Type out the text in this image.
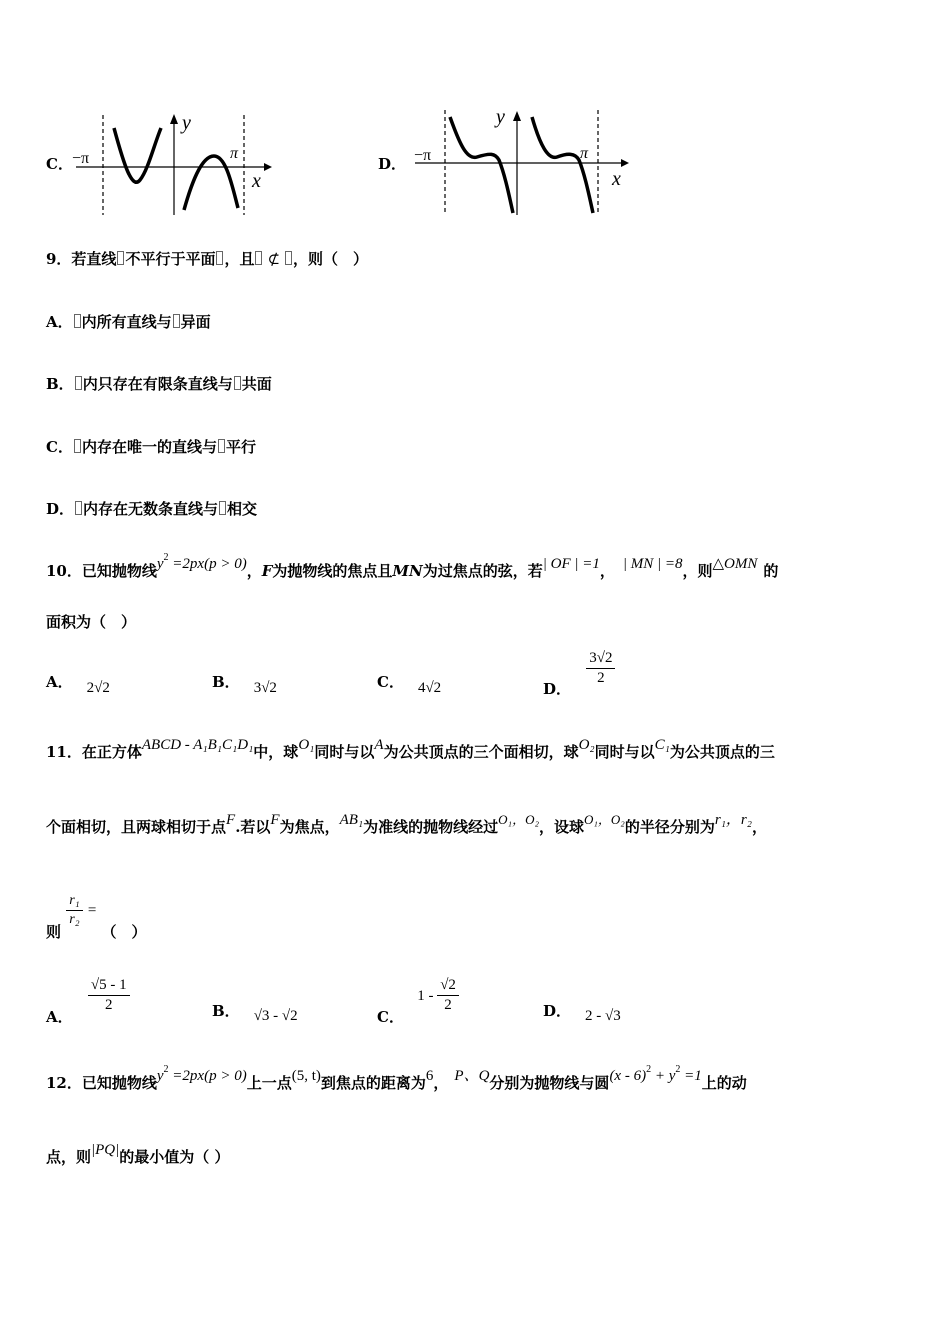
C． −π	π
x
y
D． −π	π
x
y
9．若直线 不平行于平面 ，且 ⊄ ，则（　）
A． 内所有直线与 异面
B． 内只存在有限条直线与 共面
C． 内存在唯一的直线与 平行
D． 内存在无数条直线与 相交
10．已知抛物线$y^2 =2px(p > 0)$，F为抛物线的焦点且MN为过焦点的弦，若| OF | =1， | MN | =8，则△OMN 的
面积为（　）
A． 2√2	B． 3√2	C． 4√2	D．
$\frac{3√2}{2}$
11．在正方体ABCD - A₁B₁C₁D₁中，球O₁同时与以A为公共顶点的三个面相切，球O₂同时与以C₁为公共顶点的三
个面相切，且两球相切于点F.若以F为焦点，AB₁为准线的抛物线经过O₁，O₂，设球O₁，O₂的半径分别为r₁，r₂，
则
$\frac{\text{r₁}}{\text{r₂}}$ = （　）
A．
$\frac{√5 - 1}{2}$	B． √3 - √2	C． $1 - \frac{√2}{2}$	D． 2 - √3
12．已知抛物线$y^2 =2px(p > 0)$上一点(5, t)到焦点的距离为6， P、Q分别为抛物线与圆$(x - 6)^2 + y^2 =1$上的动
点，则|PQ|的最小值为（ ）
